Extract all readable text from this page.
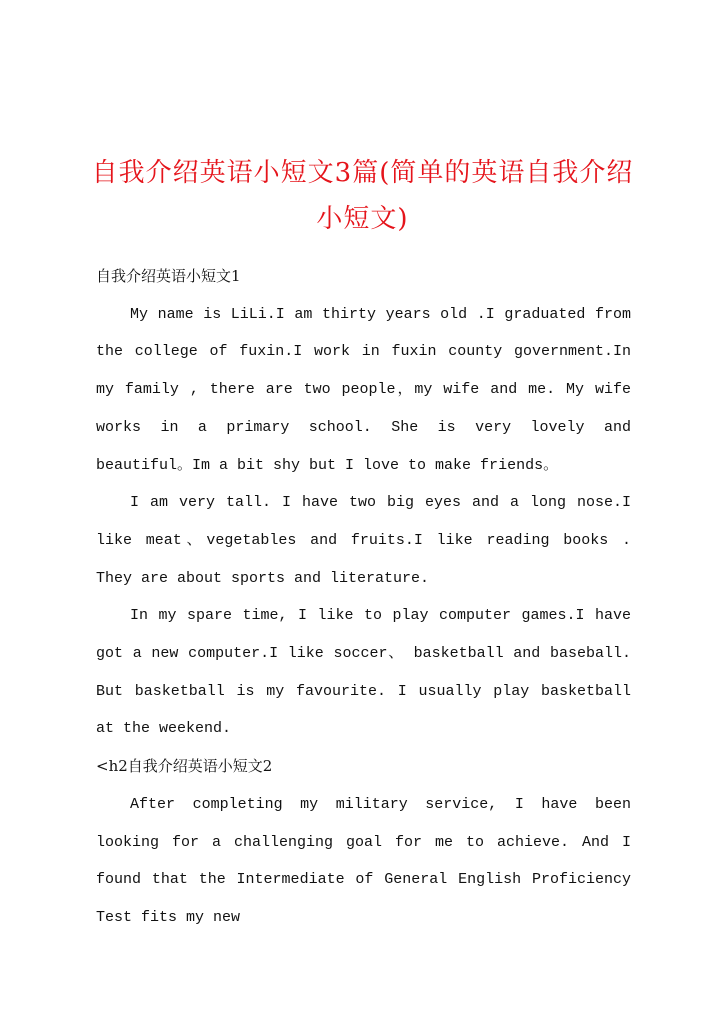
自我介绍英语小短文3篇(简单的英语自我介绍小短文)
自我介绍英语小短文1
My name is LiLi.I am thirty years old .I graduated from the college of fuxin.I work in fuxin county government.In my family , there are two people，my wife and me. My wife works in a primary school. She is very lovely and beautiful。Im a bit shy but I love to make friends。
I am very tall. I have two big eyes and a long nose.I like meat、vegetables and fruits.I like reading books . They are about sports and literature.
In my spare time, I like to play computer games.I have got a new computer.I like soccer、 basketball and baseball. But basketball is my favourite. I usually play basketball at the weekend.
<h2自我介绍英语小短文2
After completing my military service, I have been looking for a challenging goal for me to achieve. And I found that the Intermediate of General English Proficiency Test fits my new
